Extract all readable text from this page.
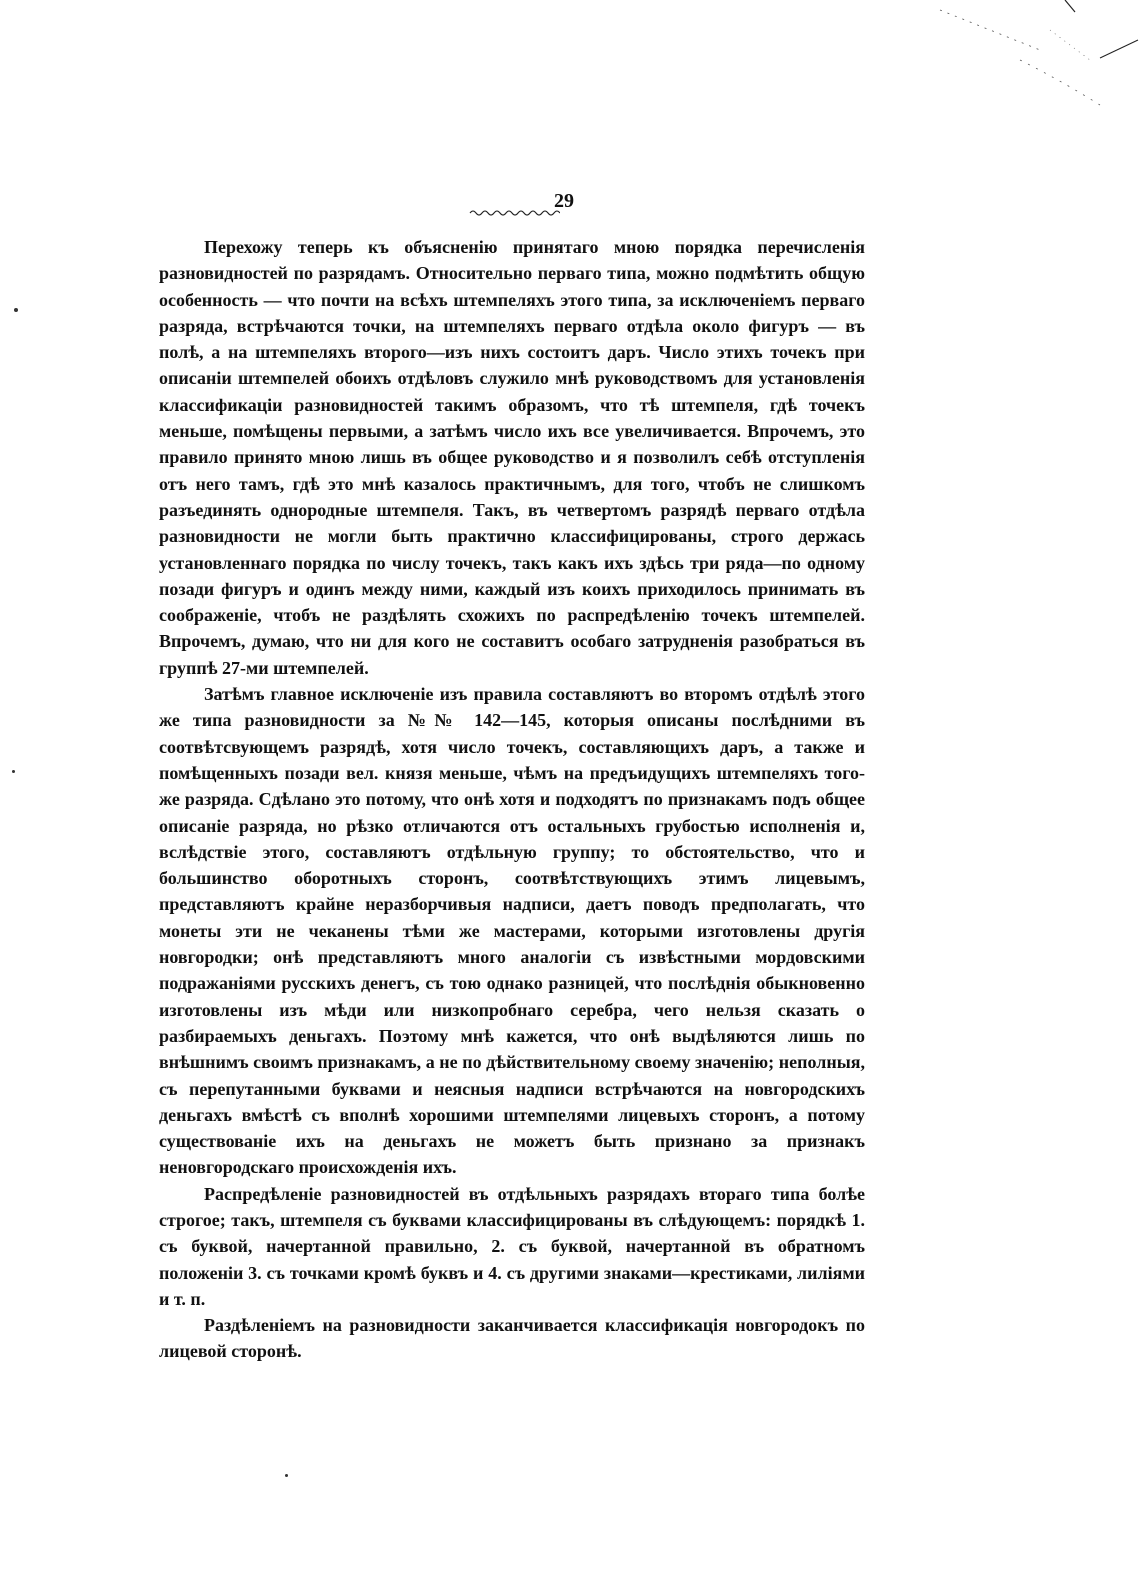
29

Перехожу теперь къ объясненію принятаго мною порядка перечисленія разновидностей по разрядамъ. Относительно перваго типа, можно подмѣтить общую особенность — что почти на всѣхъ штемпеляхъ этого типа, за исключеніемъ перваго разряда, встрѣчаются точки, на штемпеляхъ перваго отдѣла около фигуръ — въ полѣ, а на штемпеляхъ второго—изъ нихъ состоитъ даръ. Число этихъ точекъ при описаніи штемпелей обоихъ отдѣловъ служило мнѣ руководствомъ для установленія классификаціи разновидностей такимъ образомъ, что тѣ штемпеля, гдѣ точекъ меньше, помѣщены первыми, а затѣмъ число ихъ все увеличивается. Впрочемъ, это правило принято мною лишь въ общее руководство и я позволилъ себѣ отступленія отъ него тамъ, гдѣ это мнѣ казалось практичнымъ, для того, чтобъ не слишкомъ разъединять однородные штемпеля. Такъ, въ четвертомъ разрядѣ перваго отдѣла разновидности не могли быть практично классифицированы, строго держась установленнаго порядка по числу точекъ, такъ какъ ихъ здѣсь три ряда—по одному позади фигуръ и одинъ между ними, каждый изъ коихъ приходилось принимать въ соображеніе, чтобъ не раздѣлять схожихъ по распредѣленію точекъ штемпелей. Впрочемъ, думаю, что ни для кого не составитъ особаго затрудненія разобраться въ группѣ 27-ми штемпелей.

Затѣмъ главное исключеніе изъ правила составляютъ во второмъ отдѣлѣ этого же типа разновидности за №№ 142—145, которыя описаны послѣдними въ соотвѣтсвующемъ разрядѣ, хотя число точекъ, составляющихъ даръ, а также и помѣщенныхъ позади вел. князя меньше, чѣмъ на предъидущихъ штемпеляхъ того-же разряда. Сдѣлано это потому, что онѣ хотя и подходятъ по признакамъ подъ общее описаніе разряда, но рѣзко отличаются отъ остальныхъ грубостью исполненія и, вслѣдствіе этого, составляютъ отдѣльную группу; то обстоятельство, что и большинство оборотныхъ сторонъ, соотвѣтствующихъ этимъ лицевымъ, представляютъ крайне неразборчивыя надписи, даетъ поводъ предполагать, что монеты эти не чеканены тѣми же мастерами, которыми изготовлены другія новгородки; онѣ представляютъ много аналогіи съ извѣстными мордовскими подражаніями русскихъ денегъ, съ тою однако разницей, что послѣднія обыкновенно изготовлены изъ мѣди или низкопробнаго серебра, чего нельзя сказать о разбираемыхъ деньгахъ. Поэтому мнѣ кажется, что онѣ выдѣляются лишь по внѣшнимъ своимъ признакамъ, а не по дѣйствительному своему значенію; неполныя, съ перепутанными буквами и неясныя надписи встрѣчаются на новгородскихъ деньгахъ вмѣстѣ съ вполнѣ хорошими штемпелями лицевыхъ сторонъ, а потому существованіе ихъ на деньгахъ не можетъ быть признано за признакъ неновгородскаго происхожденія ихъ.

Распредѣленіе разновидностей въ отдѣльныхъ разрядахъ втораго типа болѣе строгое; такъ, штемпеля съ буквами классифицированы въ слѣдующемъ: порядкѣ 1. съ буквой, начертанной правильно, 2. съ буквой, начертанной въ обратномъ положеніи 3. съ точками кромѣ буквъ и 4. съ другими знаками—крестиками, лиліями и т. п.

Раздѣленіемъ на разновидности заканчивается классификація новгородокъ по лицевой сторонѣ.
